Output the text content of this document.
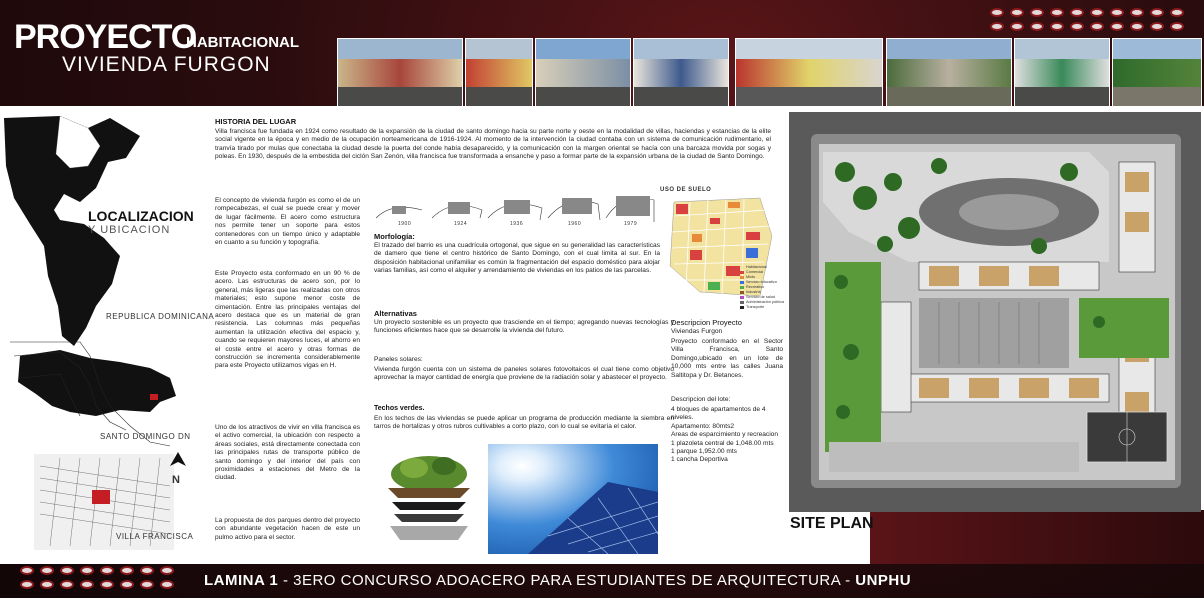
PROYECTO
HABITACIONAL
VIVIENDA FURGON
LOCALIZACION
Y UBICACION
REPUBLICA DOMINICANA
SANTO DOMINGO DN
VILLA FRANCISCA
N
HISTORIA DEL LUGAR
Villa francisca fue fundada en 1924 como resultado de la expansión de la ciudad de santo domingo hacia su parte norte y oeste en la modalidad de villas, haciendas y estancias de la elite social vigente en la época y en medio de la ocupación norteamericana de 1916-1924. Al momento de la intervención la ciudad contaba con un sistema de comunicación rudimentario, el tranvía tirado por mulas que conectaba la ciudad desde la puerta del conde había desaparecido, y la comunicación con la margen oriental se hacía con una barcaza movida por sogas y poleas. En 1930, después de la embestida del ciclón San Zenón, villa francisca fue transformada a ensanche y paso a formar parte de la expansión urbana de la ciudad de Santo Domingo.
El concepto de vivienda furgón es como el de un rompecabezas, el cual se puede crear y mover de lugar fácilmente. El acero como estructura nos permite tener un soporte para estos contenedores con un tiempo único y adaptable en cuanto a su función y topografía.
Este Proyecto esta conformado en un 90 % de acero. Las estructuras de acero son, por lo general, más ligeras que las realizadas con otros materiales; esto supone menor coste de cimentación. Entre las principales ventajas del acero destaca que es un material de gran resistencia. Las columnas más pequeñas aumentan la utilización efectiva del espacio y, cuando se requieren mayores luces, el ahorro en el coste entre el acero y otras formas de construcción se incrementa considerablemente para este Proyecto utilizamos vigas en H.
Uno de los atractivos de vivir en villa francisca es el activo comercial, la ubicación con respecto a áreas sociales, está directamente conectada con las principales rutas de transporte público de santo domingo y del interior del país con proximidades a estaciones del Metro de la ciudad.
La propuesta de dos parques dentro del proyecto con abundante vegetación hacen de este un pulmo activo para el sector.
1900	1924	1936	1960	1979
USO DE SUELO
Habitacional
Comercial
Mixto
Servicio educativo
Recreativo
Industria
Servicio de salud
Administración pública
Transporte
Morfología:
El trazado del barrio es una cuadrícula ortogonal, que sigue en su generalidad las características de damero que tiene el centro histórico de Santo Domingo, con el cual limita al sur. En la disposición habitacional unifamiliar es común la fragmentación del espacio doméstico para alojar varias familias, así como el alquiler y arrendamiento de viviendas en los patios de las parcelas.
Alternativas
Un proyecto sostenible es un proyecto que trasciende en el tiempo; agregando nuevas tecnologías y funciones eficientes hace que se desarrolle la vivienda del futuro.
Paneles solares:
Vivienda furgón cuenta con un sistema de paneles solares fotovoltaicos el cual tiene como objetivo aprovechar la mayor cantidad de energía que proviene de la radiación solar y abastecer el proyecto.
Techos verdes.
En los techos de las viviendas se puede aplicar un programa de producción mediante la siembra en tarros de hortalizas y otros rubros cultivables a corto plazo, con lo cual se evitaría el calor.
Descripcion Proyecto
Viviendas Furgon
Proyecto conformado en el Sector Villa Francisca, Santo Domingo,ubicado en un lote de 10,000 mts entre las calles Juana Saltitopa y Dr. Betances.
Descripcion del lote:
4 bloques de apartamentos de 4 niveles.
Apartamento: 80mts2
Areas de esparcimiento y recreacion
1 plazoleta central de 1,048.00 mts
1 parque 1,952.00 mts
1 cancha Deportiva
SITE PLAN
LAMINA 1 - 3ERO CONCURSO ADOACERO PARA ESTUDIANTES DE ARQUITECTURA - UNPHU
